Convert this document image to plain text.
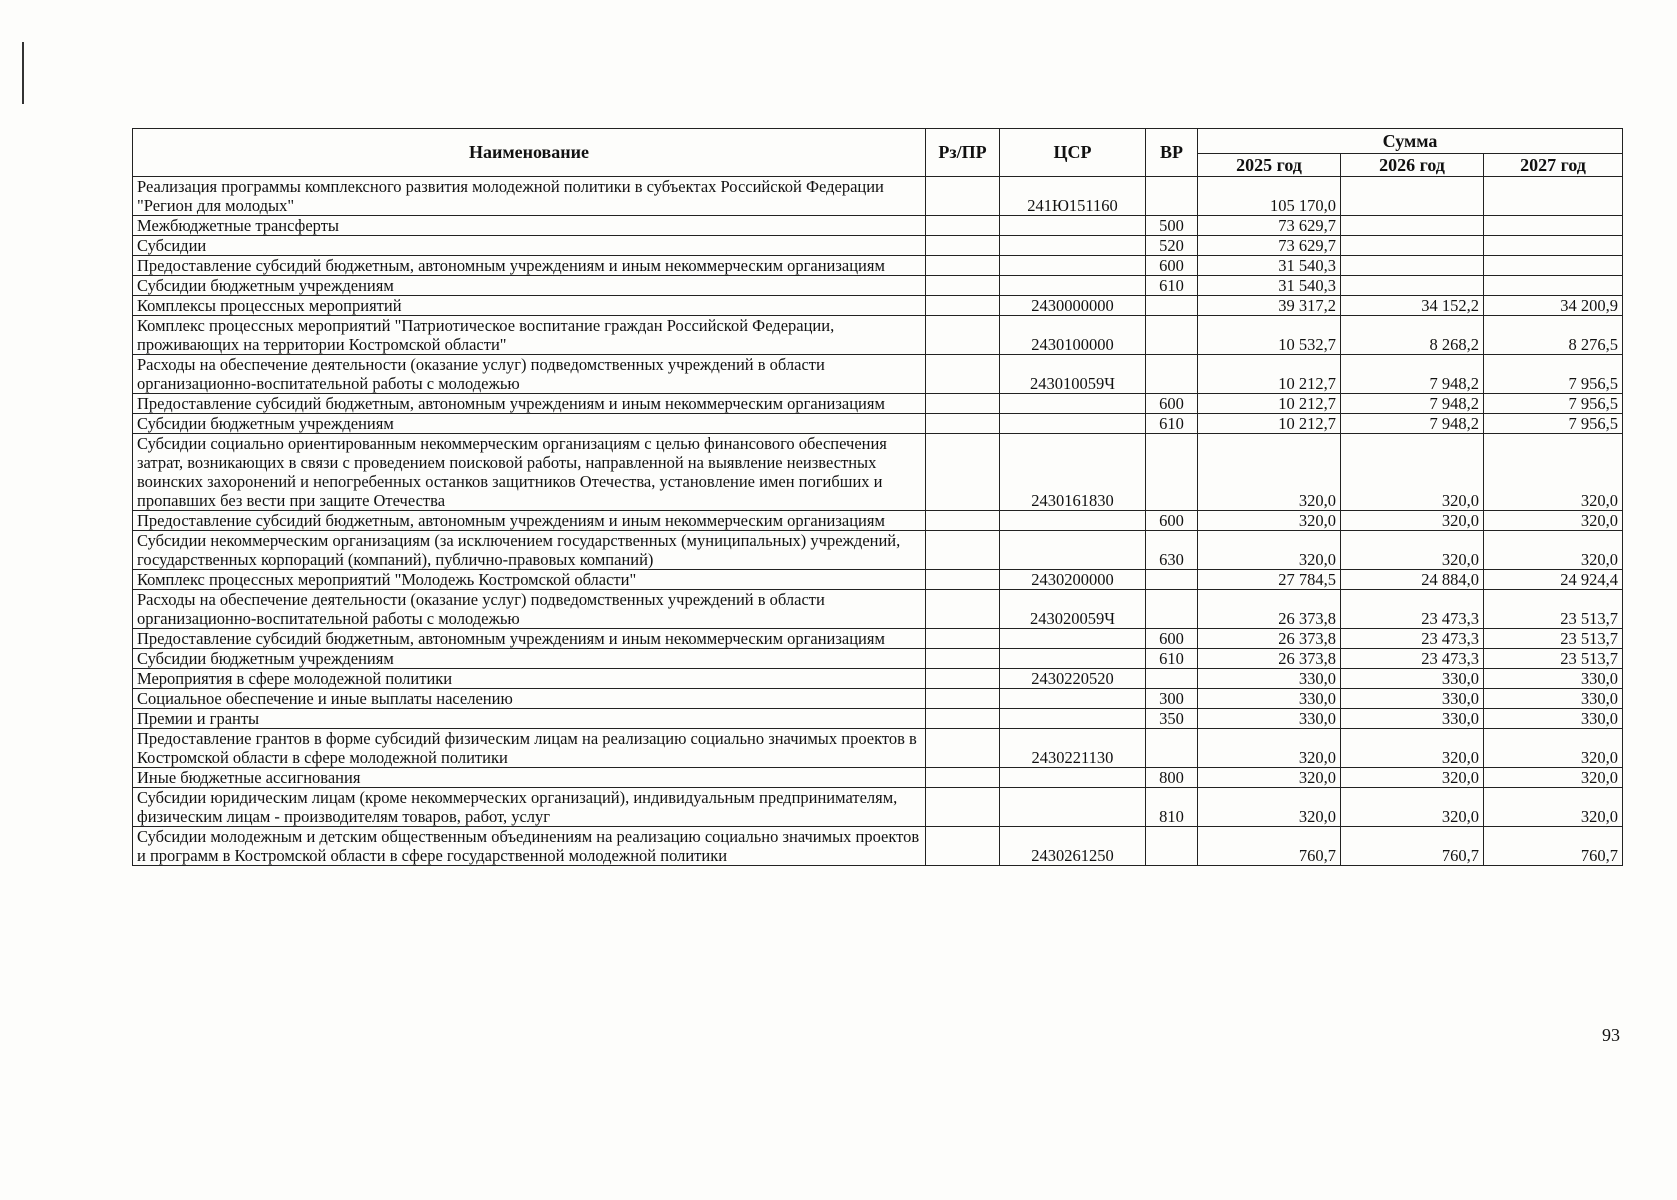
Наименование	Рз/ПР	ЦСР	ВР	Сумма		
				2025 год	2026 год	2027 год
Реализация программы комплексного развития молодежной политики в субъектах Российской Федерации "Регион для молодых"		241Ю151160		105 170,0		
Межбюджетные трансферты			500	73 629,7		
Субсидии			520	73 629,7		
Предоставление субсидий бюджетным, автономным учреждениям и иным некоммерческим организациям			600	31 540,3		
Субсидии бюджетным учреждениям			610	31 540,3		
Комплексы процессных мероприятий		2430000000		39 317,2	34 152,2	34 200,9
Комплекс процессных мероприятий "Патриотическое воспитание граждан Российской Федерации, проживающих на территории Костромской области"		2430100000		10 532,7	8 268,2	8 276,5
Расходы на обеспечение деятельности (оказание услуг) подведомственных учреждений в области организационно-воспитательной работы с молодежью		243010059Ч		10 212,7	7 948,2	7 956,5
Предоставление субсидий бюджетным, автономным учреждениям и иным некоммерческим организациям			600	10 212,7	7 948,2	7 956,5
Субсидии бюджетным учреждениям			610	10 212,7	7 948,2	7 956,5
Субсидии социально ориентированным некоммерческим организациям с целью финансового обеспечения затрат, возникающих в связи с проведением поисковой работы, направленной на выявление неизвестных воинских захоронений и непогребенных останков защитников Отечества, установление имен погибших и пропавших без вести при защите Отечества		2430161830		320,0	320,0	320,0
Предоставление субсидий бюджетным, автономным учреждениям и иным некоммерческим организациям			600	320,0	320,0	320,0
Субсидии некоммерческим организациям (за исключением государственных (муниципальных) учреждений, государственных корпораций (компаний), публично-правовых компаний)			630	320,0	320,0	320,0
Комплекс процессных мероприятий "Молодежь Костромской области"		2430200000		27 784,5	24 884,0	24 924,4
Расходы на обеспечение деятельности (оказание услуг) подведомственных учреждений в области организационно-воспитательной работы с молодежью		243020059Ч		26 373,8	23 473,3	23 513,7
Предоставление субсидий бюджетным, автономным учреждениям и иным некоммерческим организациям			600	26 373,8	23 473,3	23 513,7
Субсидии бюджетным учреждениям			610	26 373,8	23 473,3	23 513,7
Мероприятия в сфере молодежной политики		2430220520		330,0	330,0	330,0
Социальное обеспечение и иные выплаты населению			300	330,0	330,0	330,0
Премии и гранты			350	330,0	330,0	330,0
Предоставление грантов в форме субсидий физическим лицам на реализацию социально значимых проектов в Костромской области в сфере молодежной политики		2430221130		320,0	320,0	320,0
Иные бюджетные ассигнования			800	320,0	320,0	320,0
Субсидии юридическим лицам (кроме некоммерческих организаций), индивидуальным предпринимателям, физическим лицам - производителям товаров, работ, услуг			810	320,0	320,0	320,0
Субсидии молодежным и детским общественным объединениям на реализацию социально значимых проектов и программ в Костромской области в сфере государственной молодежной политики		2430261250		760,7	760,7	760,7
93
